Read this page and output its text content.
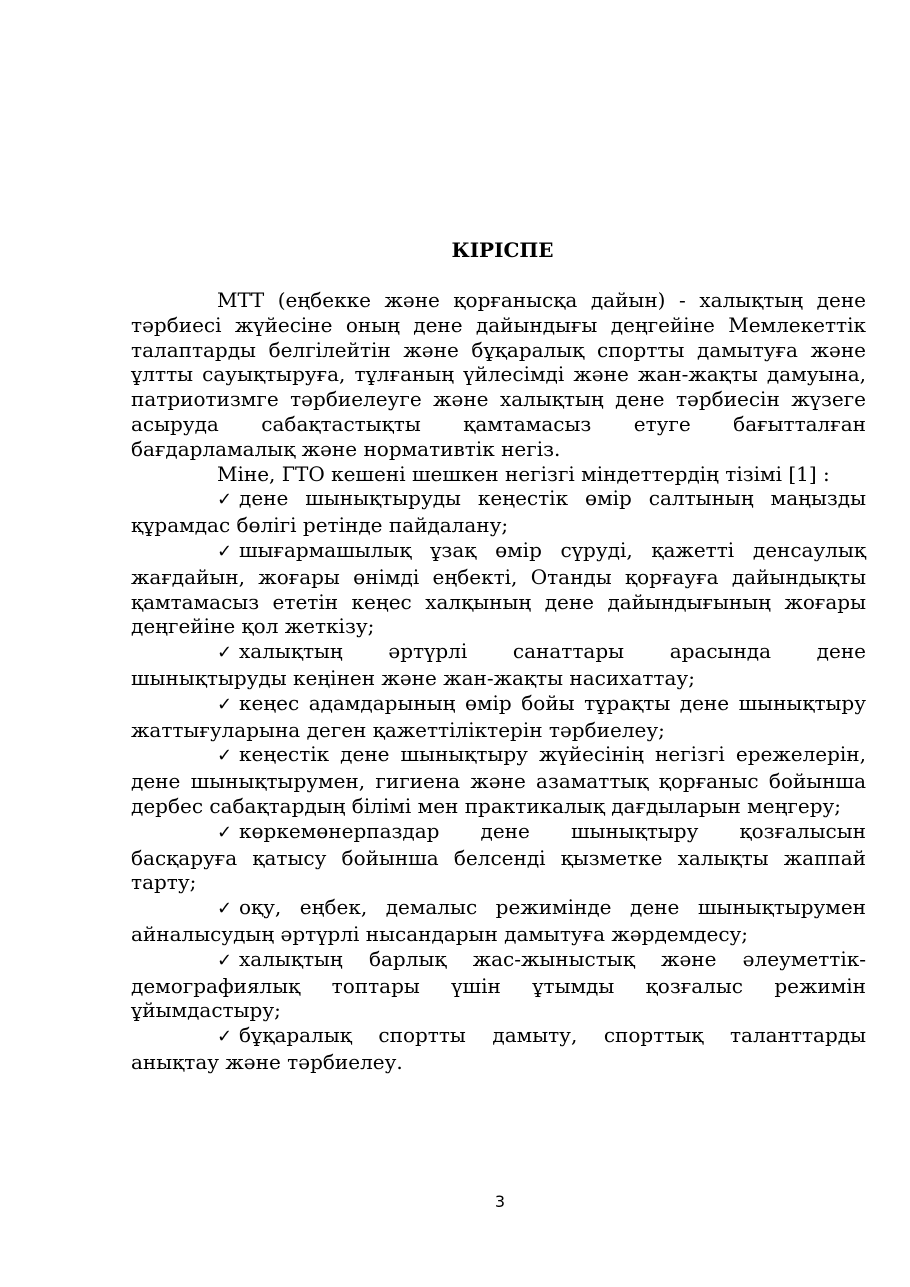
КІРІСПЕ

МТТ (еңбекке және қорғанысқа дайын) - халықтың дене тәрбиесі жүйесіне оның дене дайындығы деңгейіне Мемлекеттік талаптарды белгілейтін және бұқаралық спортты дамытуға және ұлтты сауықтыруға, тұлғаның үйлесімді және жан-жақты дамуына, патриотизмге тәрбиелеуге және халықтың дене тәрбиесін жүзеге асыруда сабақтастықты қамтамасыз етуге бағытталған бағдарламалық және нормативтік негіз.

Міне, ГТО кешені шешкен негізгі міндеттердің тізімі [1] :

✓ дене шынықтыруды кеңестік өмір салтының маңызды құрамдас бөлігі ретінде пайдалану;

✓ шығармашылық ұзақ өмір сүруді, қажетті денсаулық жағдайын, жоғары өнімді еңбекті, Отанды қорғауға дайындықты қамтамасыз ететін кеңес халқының дене дайындығының жоғары деңгейіне қол жеткізу;

✓ халықтың әртүрлі санаттары арасында дене шынықтыруды кеңінен және жан-жақты насихаттау;

✓ кеңес адамдарының өмір бойы тұрақты дене шынықтыру жаттығуларына деген қажеттіліктерін тәрбиелеу;

✓ кеңестік дене шынықтыру жүйесінің негізгі ережелерін, дене шынықтырумен, гигиена және азаматтық қорғаныс бойынша дербес сабақтардың білімі мен практикалық дағдыларын меңгеру;

✓ көркемөнерпаздар дене шынықтыру қозғалысын басқаруға қатысу бойынша белсенді қызметке халықты жаппай тарту;

✓ оқу, еңбек, демалыс режимінде дене шынықтырумен айналысудың әртүрлі нысандарын дамытуға жәрдемдесу;

✓ халықтың барлық жас-жыныстық және әлеуметтік-демографиялық топтары үшін ұтымды қозғалыс режимін ұйымдастыру;

✓ бұқаралық спортты дамыту, спорттық таланттарды анықтау және тәрбиелеу.

3
